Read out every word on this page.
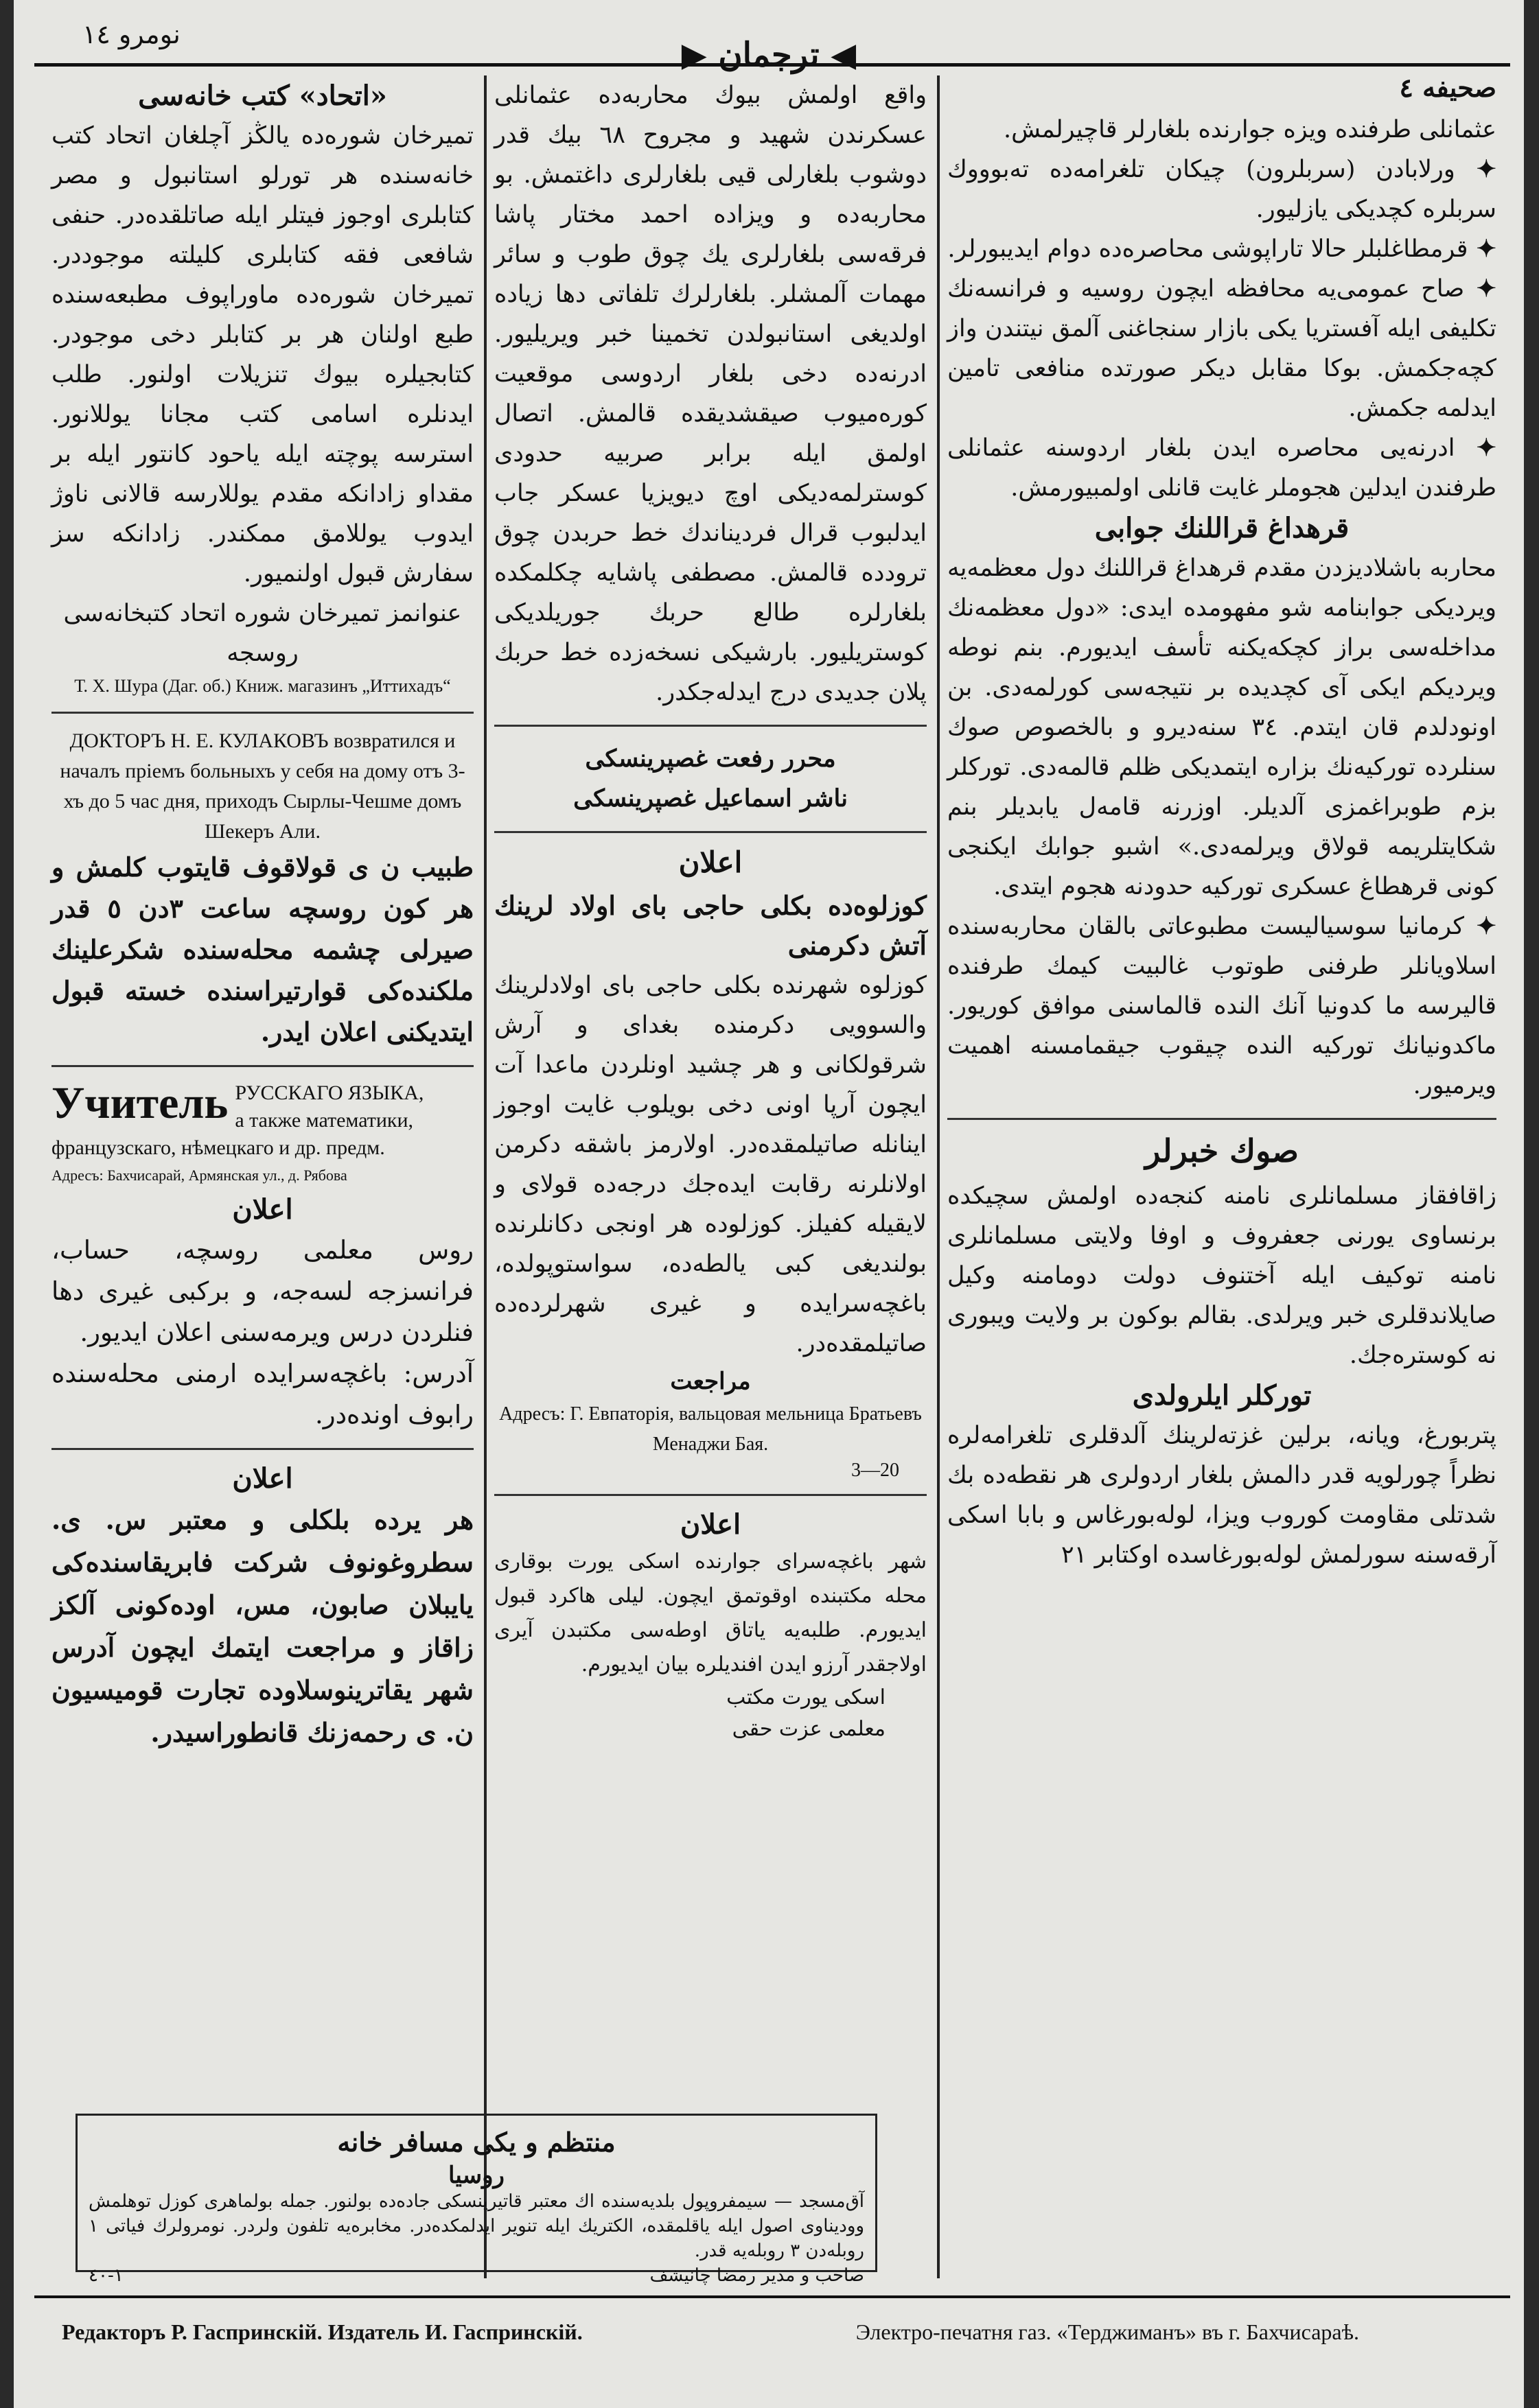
نومرو ١٤
◀ ترجمان ▶
صحيفه ٤
«اتحاد» كتب خانه‌سى
تميرخان شوره‌ده يالڭز آچلغان اتحاد كتب خانه‌سنده هر تورلو استانبول و مصر كتابلرى اوجوز فيتلر ايله صاتلقده‌در. حنفى شافعى فقه كتابلرى كليلته موجوددر. تميرخان شوره‌ده ماوراپوف مطبعه‌سنده طبع اولنان هر بر كتابلر دخى موجودر. كتابجيلره بيوك تنزيلات اولنور. طلب ايدنلره اسامى كتب مجانا يوللانور. استرسه پوچته ايله ياحود كانتور ايله بر مقداو زادانكه مقدم يوللارسه قالانى ناوژ ايدوب يوللامق ممكندر. زادانكه سز سفارش قبول اولنميور.
عنوانمز تميرخان شوره اتحاد كتبخانه‌سى روسجه
Т. Х. Шура (Даг. об.) Книж. магазинъ „Иттихадъ“
ДОКТОРЪ Н. Е. КУЛАКОВЪ возвратился и началъ пріемъ больныхъ у себя на дому отъ 3-хъ до 5 час дня, приходъ Сырлы-Чешме домъ Шекеръ Али.
طبيب ن ى قولاقوف قايتوب كلمش و هر كون روسچه ساعت ٣دن ٥ قدر صيرلى چشمه محله‌سنده شكرعلينك ملكنده‌كى قوارتيراسنده خسته قبول ايتديكنى اعلان ايدر.
Учитель РУССКАГО ЯЗЫКА,
а также математики,
французскаго, нѣмецкаго и др. предм.
Адресъ: Бахчисарай, Армянская ул., д. Рябова
اعلان
روس معلمى روسچه، حساب، فرانسزجه لسه‌جه، و بركبى غيرى دها فنلردن درس ويرمه‌سنى اعلان ايديور.
آدرس: باغچه‌سرايده ارمنى محله‌سنده رابوف اونده‌در.
اعلان
هر يرده بلكلى و معتبر س. ى. سطروغونوف شركت فابريقاسنده‌كى يايبلان صابون، مس، اوده‌كونى آلكز زاقاز و مراجعت ايتمك ايچون آدرس شهر يقاترينوسلاوده تجارت قوميسيون ن. ى رحمه‌زنك قانطوراسيدر.
واقع اولمش بيوك محاربه‌ده عثمانلى عسكرندن شهيد و مجروح ٦٨ بيك قدر دوشوب بلغارلى قيى بلغارلرى داغتمش. بو محاربه‌ده و ويزاده احمد مختار پاشا فرقه‌سى بلغارلرى يك چوق طوب و سائر مهمات آلمشلر. بلغارلرك تلفاتى دها زياده اولديغى استانبولدن تخمينا خبر ويريليور. ادرنه‌ده دخى بلغار اردوسى موقعيت كوره‌ميوب صيقشديقده قالمش. اتصال اولمق ايله برابر صربيه حدودى كوسترلمه‌ديكى اوچ ديويزيا عسكر جاب ايدلبوب قرال فرديناندك خط حربدن چوق ترودده قالمش. مصطفى پاشايه چكلمكده بلغارلره طالع حربك جوريلديكى كوستريليور. بارشيكى نسخه‌زده خط حربك پلان جديدى درج ايدله‌جكدر.
محرر رفعت غصپرينسكى
ناشر اسماعيل غصپرينسكى
اعلان
كوزلوه‌ده بكلى حاجى باى اولاد لرينك آتش دكرمنى
كوزلوه شهرنده بكلى حاجى باى اولادلرينك والسوويى دكرمنده بغداى و آرش شرقولكانى و هر چشيد اونلردن ماعدا آت ايچون آرپا اونى دخى بويلوب غايت اوجوز اينانله صاتيلمقده‌در. اولارمز باشقه دكرمن اولانلرنه رقابت ايده‌جك درجه‌ده قولاى و لايقيله كفيلز. كوزلوده هر اونجى دكانلرنده بولنديغى كبى يالطه‌ده، سواستوپولده، باغچه‌سرايده و غيرى شهرلرده‌ده صاتيلمقده‌در.
مراجعت
Адресъ: Г. Евпаторія, вальцовая мельница Братьевъ Менаджи Бая.
3—20
اعلان
شهر باغچه‌سراى جوارنده اسكى يورت بوقارى محله مكتبنده اوقوتمق ايچون. ليلى هاكرد قبول ايديورم. طلبه‌يه ياتاق اوطه‌سى مكتبدن آيرى اولاجقدر آرزو ايدن افنديلره بيان ايديورم.
اسكى يورت مكتب
معلمى عزت حقى
منتظم و يكى مسافر خانه
روسيا
آق‌مسجد — سيمفروپول بلديه‌سنده اك معتبر قاتيرينسكى جاده‌ده بولنور. جمله بولماهرى كوزل توهلمش ووديناوى اصول ايله ياقلمقده، الكتريك ايله تنوير ايدلمكده‌در. مخابره‌يه تلفون ولردر. نومرولرك فياتى ١ روبله‌دن ٣ روبله‌يه قدر.
صاحب و مدير رمضا چانيشف
١-٤٠
عثمانلى طرفنده ويزه جوارنده بلغارلر قاچيرلمش.
✦ ورلابادن (سربلرون) چيكان تلغرامه‌ده ته‌بوووك سربلره كچديكى يازليور.
✦ قرمطاغلبلر حالا تاراپوشى محاصره‌ده دوام ايديبورلر.
✦ صاح عمومى‌يه محافظه ايچون روسيه و فرانسه‌نك تكليفى ايله آفستريا يكى بازار سنجاغنى آلمق نيتندن واز كچه‌جكمش. بوكا مقابل ديكر صورتده منافعى تامين ايدلمه جكمش.
✦ ادرنه‌يى محاصره ايدن بلغار اردوسنه عثمانلى طرفندن ايدلين هجوملر غايت قانلى اولمبيورمش.
قرهداغ قراللنك جوابى
محاربه باشلاديزدن مقدم قرهداغ قراللنك دول معظمه‌يه ويرديكى جوابنامه شو مفهومده ايدى: «دول معظمه‌نك مداخله‌سى براز كچكه‌يكنه تأسف ايديورم. بنم نوطه ويرديكم ايكى آى كچديده بر نتيجه‌سى كورلمه‌دى. بن اونودلدم قان ايتدم. ٣٤ سنه‌ديرو و بالخصوص صوك سنلرده توركيه‌نك بزاره ايتمديكى ظلم قالمه‌دى. توركلر بزم طوبراغمزى آلديلر. اوزرنه قامەل يابديلر بنم شكايتلريمه قولاق ويرلمه‌دى.» اشبو جوابك ايكنجى كونى قرهطاغ عسكرى توركيه حدودنه هجوم ايتدى.
✦ كرمانيا سوسياليست مطبوعاتى بالقان محاربه‌سنده اسلاويانلر طرفنى طوتوب غالبيت كيمك طرفنده قاليرسه ما كدونيا آنك النده قالماسنى موافق كوريور. ماكدونيانك توركيه النده چيقوب جيقمامسنه اهميت ويرميور.
صوك خبرلر
زاقافقاز مسلمانلرى نامنه كنجه‌ده اولمش سچيكده برنساوى يورنى جعفروف و اوفا ولايتى مسلمانلرى نامنه توكيف ايله آختنوف دولت دومامنه وكيل صايلاندقلرى خبر ويرلدى. بقالم بوكون بر ولايت ويبورى نه كوسترەجك.
توركلر ايلرولدى
پتربورغ، ويانه، برلين غزته‌لرينك آلدقلرى تلغرامه‌لره نظراً چورلويه قدر دالمش بلغار اردولرى هر نقطه‌ده بك شدتلى مقاومت كوروب ويزا، لوله‌بورغاس و بابا اسكى آرقه‌سنه سورلمش لوله‌بورغاسده اوكتابر ٢١
Редакторъ Р. Гаспринскій. Издатель И. Гаспринскій.	Электро-печатня газ. «Терджиманъ» въ г. Бахчисараѣ.
